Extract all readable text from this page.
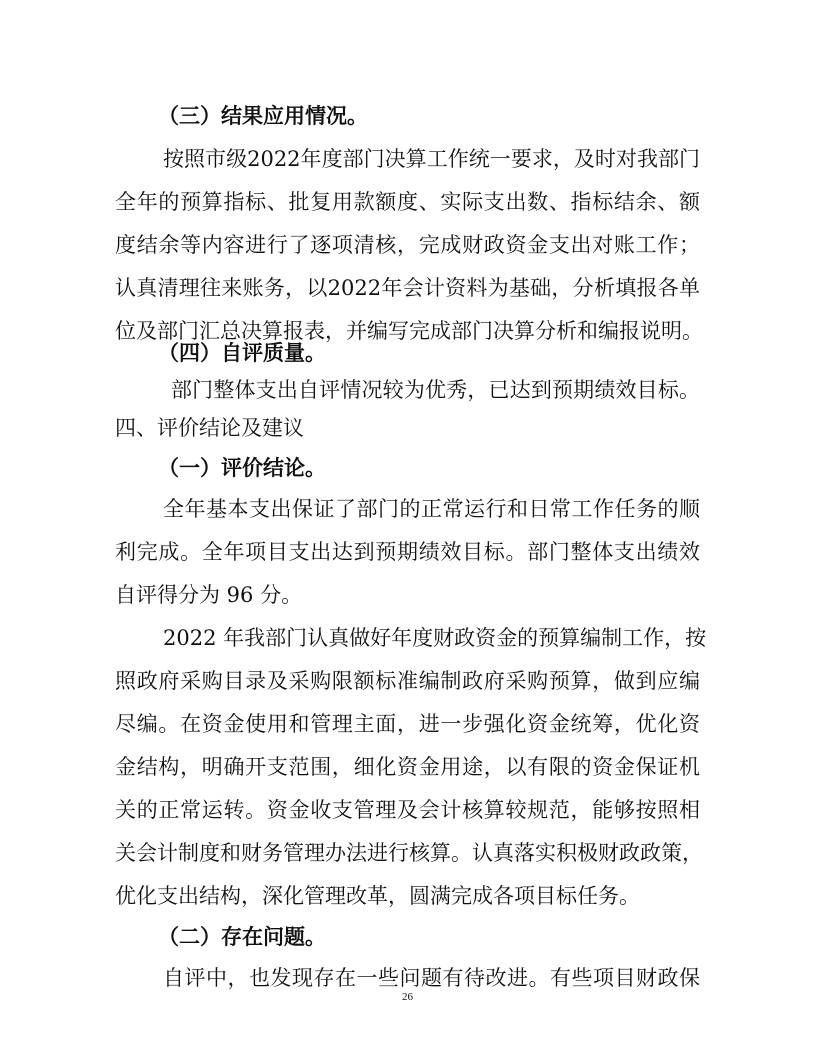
（三）结果应用情况。
按照市级2022年度部门决算工作统一要求，及时对我部门
全年的预算指标、批复用款额度、实际支出数、指标结余、额
度结余等内容进行了逐项清核，完成财政资金支出对账工作；
认真清理往来账务，以2022年会计资料为基础，分析填报各单
位及部门汇总决算报表，并编写完成部门决算分析和编报说明。
（四）自评质量。
部门整体支出自评情况较为优秀，已达到预期绩效目标。
四、评价结论及建议
（一）评价结论。
全年基本支出保证了部门的正常运行和日常工作任务的顺
利完成。全年项目支出达到预期绩效目标。部门整体支出绩效
自评得分为 96 分。
2022 年我部门认真做好年度财政资金的预算编制工作，按
照政府采购目录及采购限额标准编制政府采购预算，做到应编
尽编。在资金使用和管理主面，进一步强化资金统筹，优化资
金结构，明确开支范围，细化资金用途，以有限的资金保证机
关的正常运转。资金收支管理及会计核算较规范，能够按照相
关会计制度和财务管理办法进行核算。认真落实积极财政政策，
优化支出结构，深化管理改革，圆满完成各项目标任务。
（二）存在问题。
自评中，也发现存在一些问题有待改进。有些项目财政保
26
